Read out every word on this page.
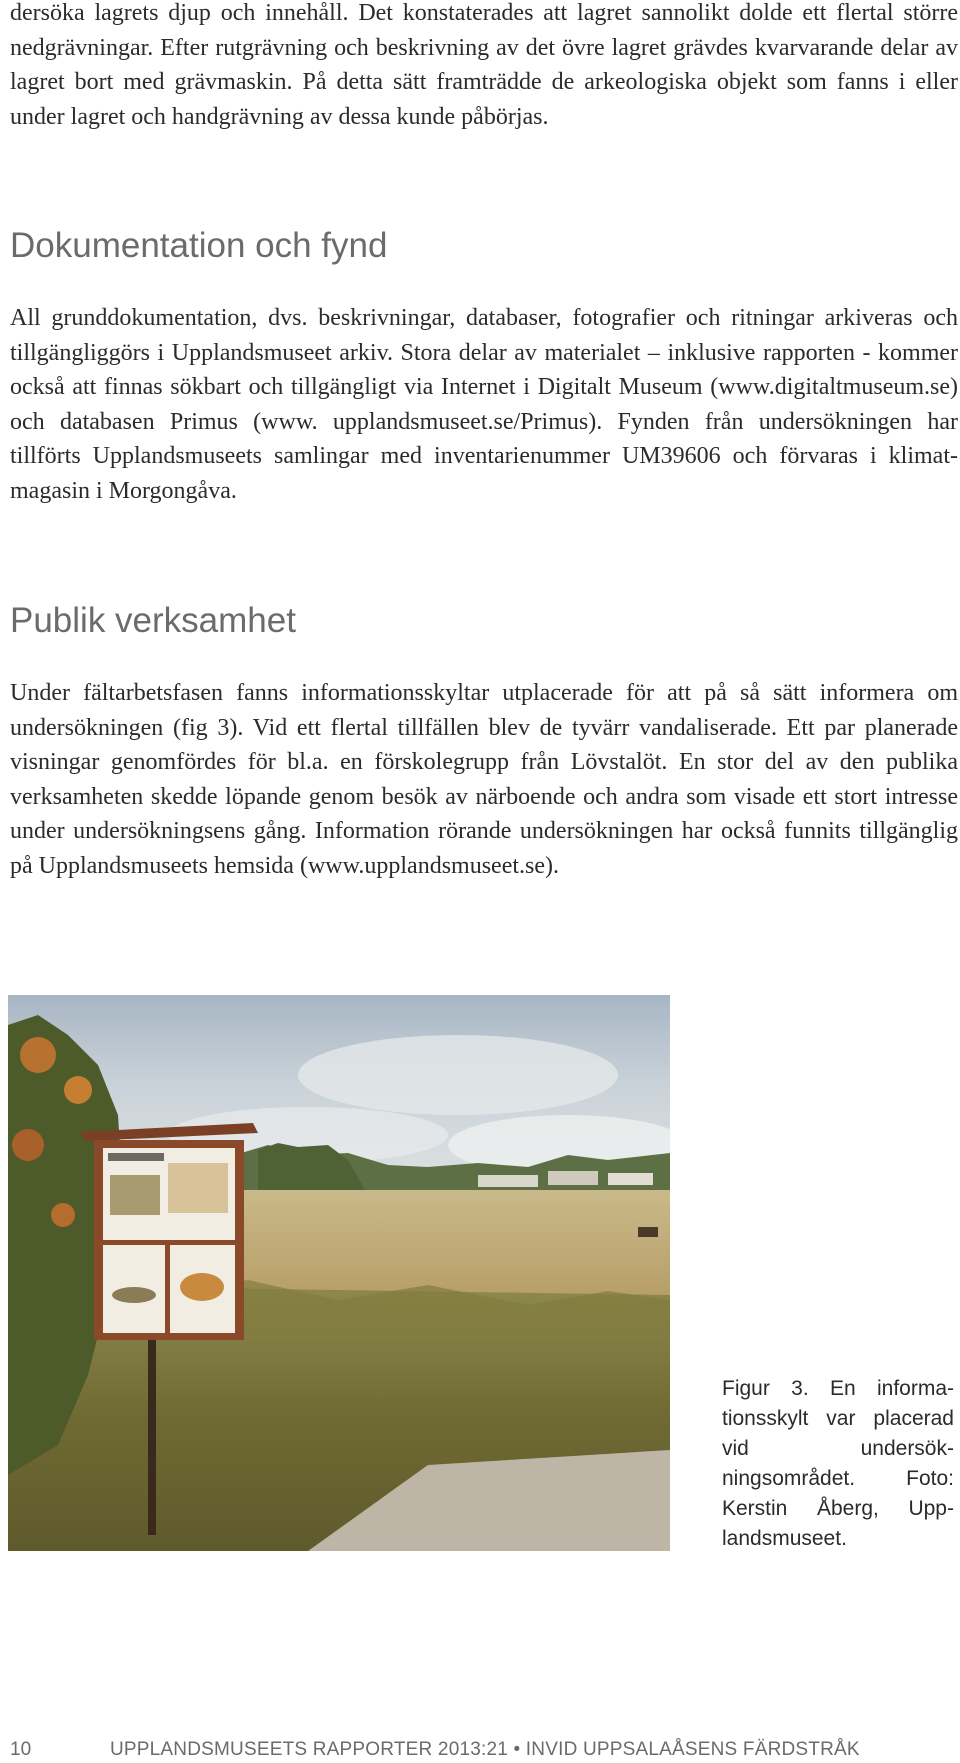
dersöka lagrets djup och innehåll. Det konstaterades att lagret sannolikt dolde ett flertal större nedgrävningar. Efter rutgrävning och beskrivning av det övre lagret grävdes kvarvarande delar av lagret bort med grävmaskin. På detta sätt framträdde de arkeologiska objekt som fanns i eller under lagret och handgrävning av dessa kunde påbörjas.

Dokumentation och fynd

All grunddokumentation, dvs. beskrivningar, databaser, fotografier och ritningar arkiveras och tillgängliggörs i Upplandsmuseet arkiv. Stora delar av materialet – inklusive rapporten - kommer också att finnas sökbart och tillgängligt via Internet i Digitalt Museum (www.digitaltmuseum.se) och databasen Primus (www. upplandsmuseet.se/Primus). Fynden från undersökningen har tillförts Upplandsmuseets samlingar med inventarienummer UM39606 och förvaras i klimatmagasin i Morgongåva.

Publik verksamhet

Under fältarbetsfasen fanns informationsskyltar utplacerade för att på så sätt informera om undersökningen (fig 3). Vid ett flertal tillfällen blev de tyvärr vandaliserade. Ett par planerade visningar genomfördes för bl.a. en förskolegrupp från Lövstalöt. En stor del av den publika verksamheten skedde löpande genom besök av närboende och andra som visade ett stort intresse under undersökningsens gång. Information rörande undersökningen har också funnits tillgänglig på Upplandsmuseets hemsida (www.upplandsmuseet.se).

Figur 3. En informationsskylt var placerad vid undersökningsområdet. Foto: Kerstin Åberg, Upplandsmuseet.

10	UPPLANDSMUSEETS RAPPORTER 2013:21 • INVID UPPSALAÅSENS FÄRDSTRÅK
